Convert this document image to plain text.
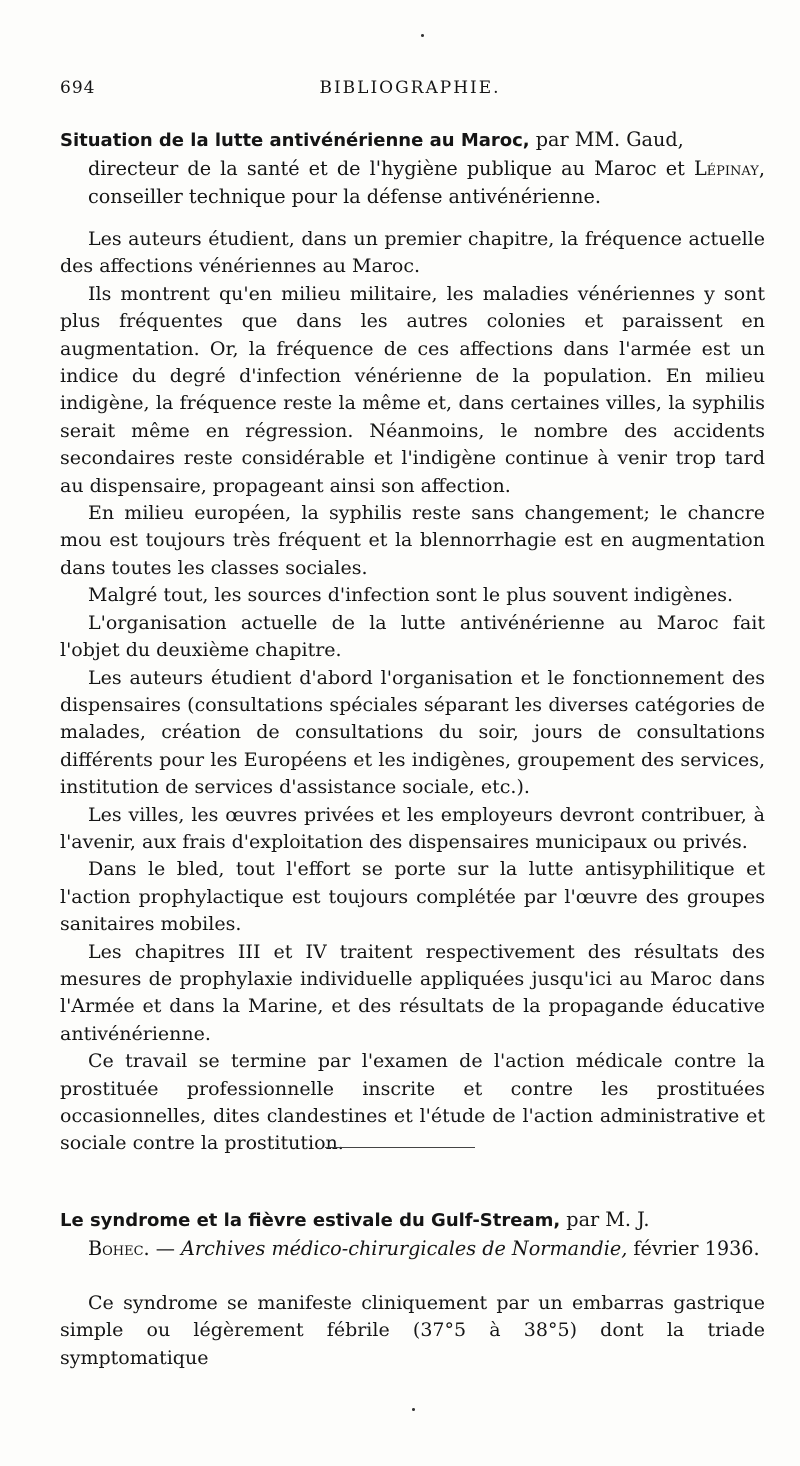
694	BIBLIOGRAPHIE.

Situation de la lutte antivénérienne au Maroc, par MM. Gaud,
directeur de la santé et de l'hygiène publique au Maroc et Lépinay, conseiller technique pour la défense antivénérienne.

Les auteurs étudient, dans un premier chapitre, la fréquence actuelle des affections vénériennes au Maroc.

Ils montrent qu'en milieu militaire, les maladies vénériennes y sont plus fréquentes que dans les autres colonies et paraissent en augmentation. Or, la fréquence de ces affections dans l'armée est un indice du degré d'infection vénérienne de la population. En milieu indigène, la fréquence reste la même et, dans certaines villes, la syphilis serait même en régression. Néanmoins, le nombre des accidents secondaires reste considérable et l'indigène continue à venir trop tard au dispensaire, propageant ainsi son affection.

En milieu européen, la syphilis reste sans changement; le chancre mou est toujours très fréquent et la blennorrhagie est en augmentation dans toutes les classes sociales.

Malgré tout, les sources d'infection sont le plus souvent indigènes.

L'organisation actuelle de la lutte antivénérienne au Maroc fait l'objet du deuxième chapitre.

Les auteurs étudient d'abord l'organisation et le fonctionnement des dispensaires (consultations spéciales séparant les diverses catégories de malades, création de consultations du soir, jours de consultations différents pour les Européens et les indigènes, groupement des services, institution de services d'assistance sociale, etc.).

Les villes, les œuvres privées et les employeurs devront contribuer, à l'avenir, aux frais d'exploitation des dispensaires municipaux ou privés.

Dans le bled, tout l'effort se porte sur la lutte antisyphilitique et l'action prophylactique est toujours complétée par l'œuvre des groupes sanitaires mobiles.

Les chapitres III et IV traitent respectivement des résultats des mesures de prophylaxie individuelle appliquées jusqu'ici au Maroc dans l'Armée et dans la Marine, et des résultats de la propagande éducative antivénérienne.

Ce travail se termine par l'examen de l'action médicale contre la prostituée professionnelle inscrite et contre les prostituées occasionnelles, dites clandestines et l'étude de l'action administrative et sociale contre la prostitution.

Le syndrome et la fièvre estivale du Gulf-Stream, par M. J.
Bohec. — Archives médico-chirurgicales de Normandie, février 1936.

Ce syndrome se manifeste cliniquement par un embarras gastrique simple ou légèrement fébrile (37°5 à 38°5) dont la triade symptomatique
